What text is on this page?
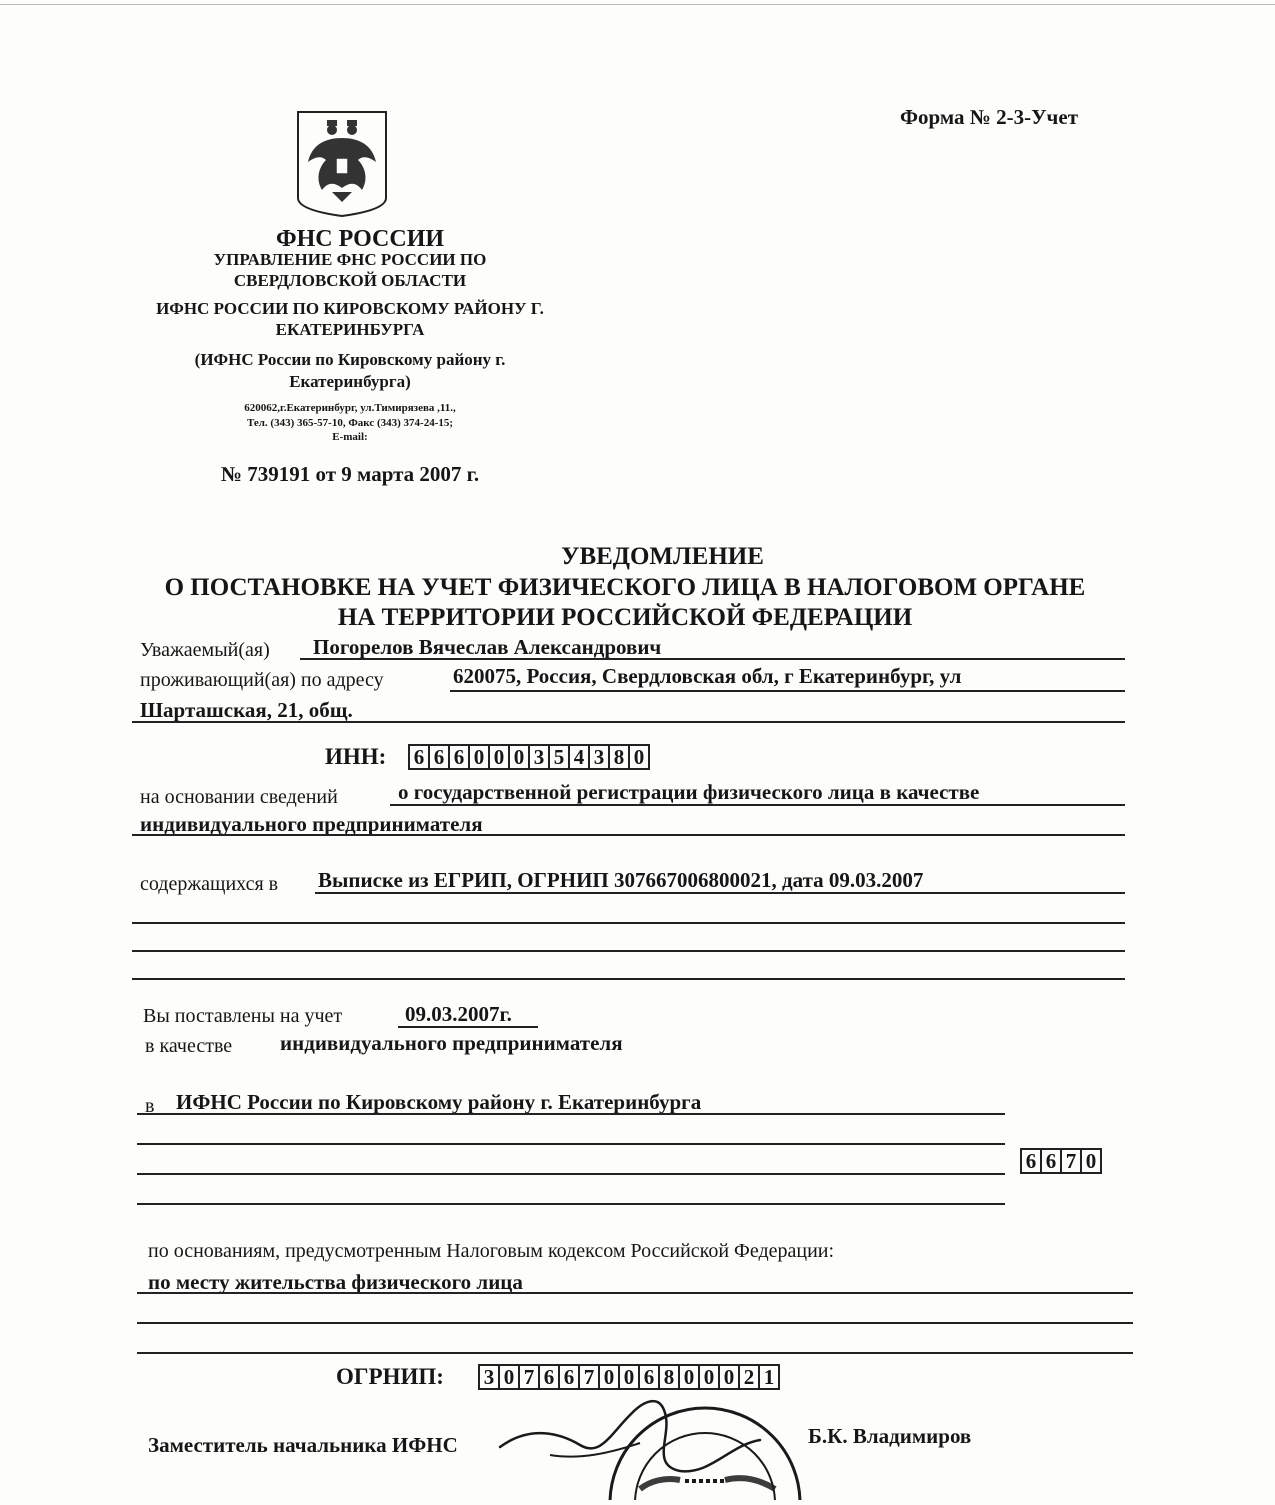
Форма № 2-3-Учет
ФНС РОССИИ
УПРАВЛЕНИЕ ФНС РОССИИ ПО
СВЕРДЛОВСКОЙ ОБЛАСТИ
ИФНС РОССИИ ПО КИРОВСКОМУ РАЙОНУ Г.
ЕКАТЕРИНБУРГА
(ИФНС России по Кировскому району г.
Екатеринбурга)
620062,г.Екатеринбург, ул.Тимирязева ,11.,
Тел. (343) 365-57-10, Факс (343) 374-24-15;
E-mail:
№ 739191 от 9 марта 2007 г.
УВЕДОМЛЕНИЕ
О ПОСТАНОВКЕ НА УЧЕТ ФИЗИЧЕСКОГО ЛИЦА В НАЛОГОВОМ ОРГАНЕ
НА ТЕРРИТОРИИ РОССИЙСКОЙ ФЕДЕРАЦИИ
Уважаемый(ая) Погорелов Вячеслав Александрович
проживающий(ая) по адресу	620075, Россия, Свердловская обл, г Екатеринбург, ул
Шарташская, 21, общ.
ИНН: 6 6 6 0 0 0 3 5 4 3 8 0
на основании сведений	о государственной регистрации физического лица в качестве
индивидуального предпринимателя
содержащихся в Выписке из ЕГРИП, ОГРНИП 307667006800021, дата 09.03.2007
Вы поставлены на учет	09.03.2007г.
в качестве индивидуального предпринимателя
в ИФНС России по Кировскому району г. Екатеринбурга
6 6 7 0
по основаниям, предусмотренным Налоговым кодексом Российской Федерации:
по месту жительства физического лица
ОГРНИП: 3 0 7 6 6 7 0 0 6 8 0 0 0 2 1
Заместитель начальника ИФНС	Б.К. Владимиров
